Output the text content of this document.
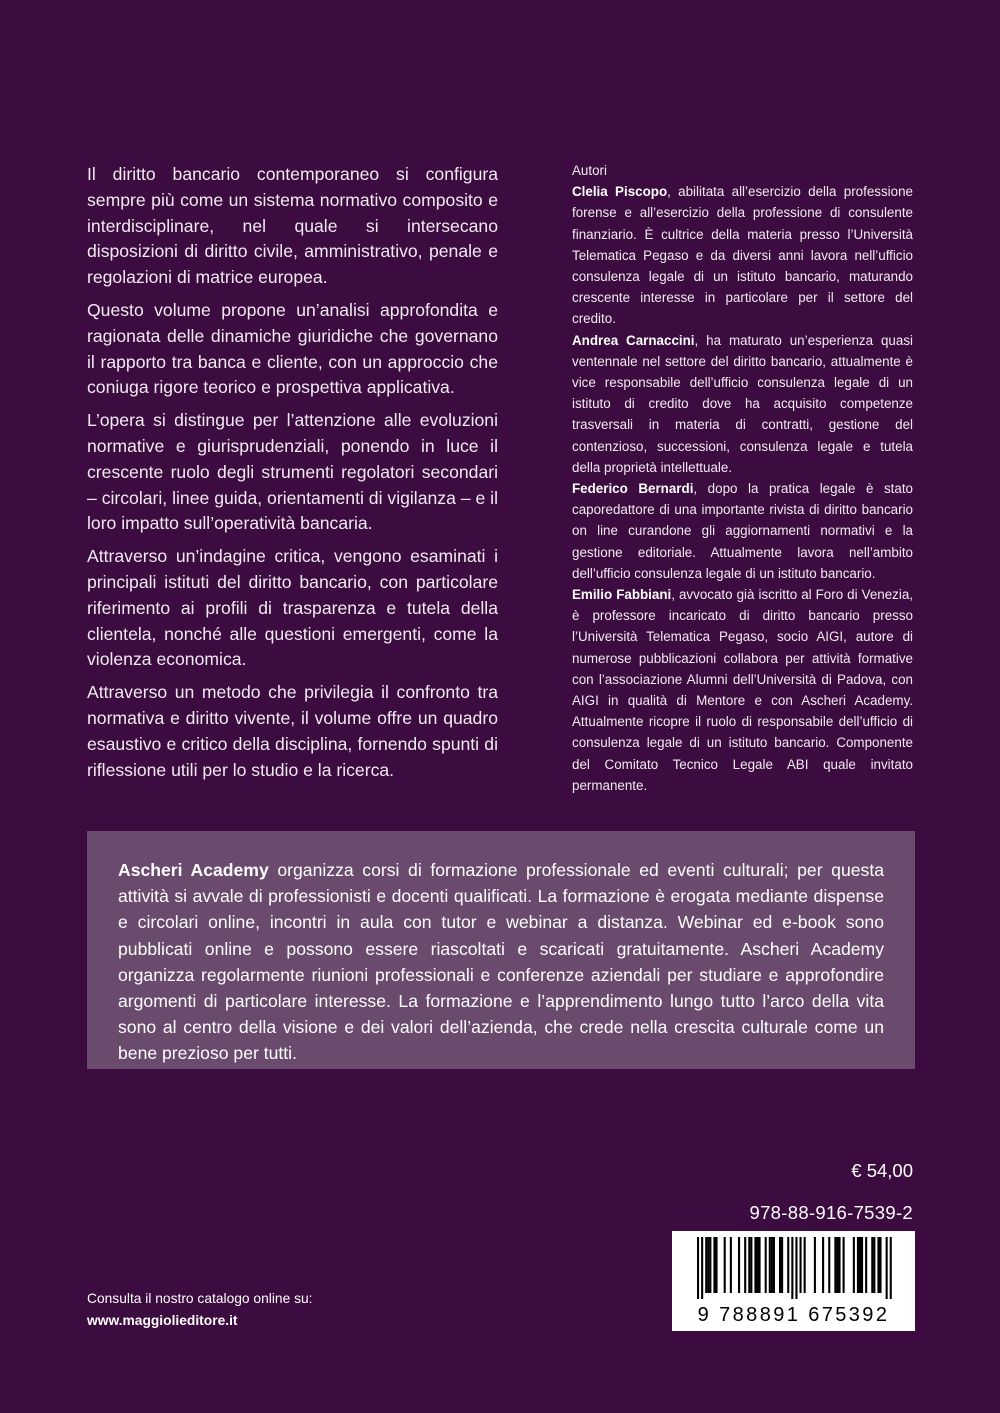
Il diritto bancario contemporaneo si configura sempre più come un sistema normativo composito e interdisciplinare, nel quale si intersecano disposizioni di diritto civile, amministrativo, penale e regolazioni di matrice europea.

Questo volume propone un’analisi approfondita e ragionata delle dinamiche giuridiche che governano il rapporto tra banca e cliente, con un approccio che coniuga rigore teorico e prospettiva applicativa.

L’opera si distingue per l’attenzione alle evoluzioni normative e giurisprudenziali, ponendo in luce il crescente ruolo degli strumenti regolatori secondari – circolari, linee guida, orientamenti di vigilanza – e il loro impatto sull’operatività bancaria.

Attraverso un’indagine critica, vengono esaminati i principali istituti del diritto bancario, con particolare riferimento ai profili di trasparenza e tutela della clientela, nonché alle questioni emergenti, come la violenza economica.

Attraverso un metodo che privilegia il confronto tra normativa e diritto vivente, il volume offre un quadro esaustivo e critico della disciplina, fornendo spunti di riflessione utili per lo studio e la ricerca.

Autori

Clelia Piscopo, abilitata all’esercizio della professione forense e all’esercizio della professione di consulente finanziario. È cultrice della materia presso l’Università Telematica Pegaso e da diversi anni lavora nell’ufficio consulenza legale di un istituto bancario, maturando crescente interesse in particolare per il settore del credito.

Andrea Carnaccini, ha maturato un’esperienza quasi ventennale nel settore del diritto bancario, attualmente è vice responsabile dell’ufficio consulenza legale di un istituto di credito dove ha acquisito competenze trasversali in materia di contratti, gestione del contenzioso, successioni, consulenza legale e tutela della proprietà intellettuale.

Federico Bernardi, dopo la pratica legale è stato caporedattore di una importante rivista di diritto bancario on line curandone gli aggiornamenti normativi e la gestione editoriale. Attualmente lavora nell’ambito dell’ufficio consulenza legale di un istituto bancario.

Emilio Fabbiani, avvocato già iscritto al Foro di Venezia, è professore incaricato di diritto bancario presso l’Università Telematica Pegaso, socio AIGI, autore di numerose pubblicazioni collabora per attività formative con l’associazione Alumni dell’Università di Padova, con AIGI in qualità di Mentore e con Ascheri Academy. Attualmente ricopre il ruolo di responsabile dell’ufficio di consulenza legale di un istituto bancario. Componente del Comitato Tecnico Legale ABI quale invitato permanente.

Ascheri Academy organizza corsi di formazione professionale ed eventi culturali; per questa attività si avvale di professionisti e docenti qualificati. La formazione è erogata mediante dispense e circolari online, incontri in aula con tutor e webinar a distanza. Webinar ed e-book sono pubblicati online e possono essere riascoltati e scaricati gratuitamente. Ascheri Academy organizza regolarmente riunioni professionali e conferenze aziendali per studiare e approfondire argomenti di particolare interesse. La formazione e l’apprendimento lungo tutto l’arco della vita sono al centro della visione e dei valori dell’azienda, che crede nella crescita culturale come un bene prezioso per tutti.

€ 54,00
978-88-916-7539-2
9 788891 675392
Consulta il nostro catalogo online su:
www.maggiolieditore.it
